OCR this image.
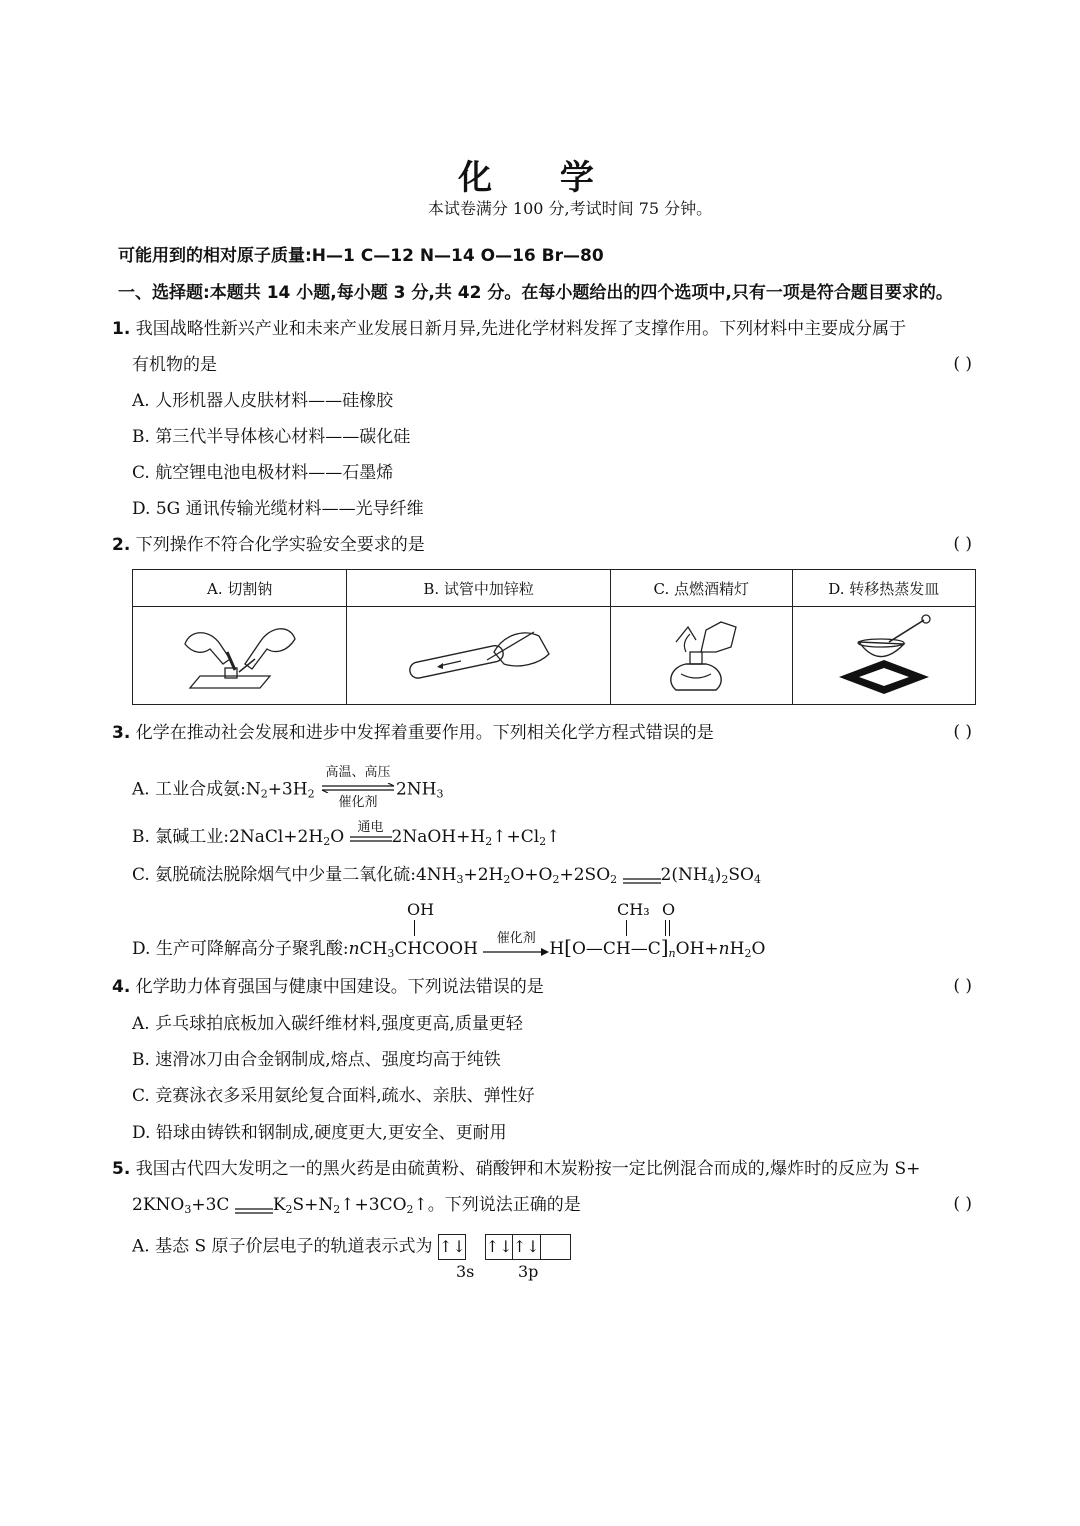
化 学
本试卷满分 100 分,考试时间 75 分钟。
可能用到的相对原子质量:H—1 C—12 N—14 O—16 Br—80
一、选择题:本题共 14 小题,每小题 3 分,共 42 分。在每小题给出的四个选项中,只有一项是符合题目要求的。
1. 我国战略性新兴产业和未来产业发展日新月异,先进化学材料发挥了支撑作用。下列材料中主要成分属于
有机物的是	( )
A. 人形机器人皮肤材料——硅橡胶
B. 第三代半导体核心材料——碳化硅
C. 航空锂电池电极材料——石墨烯
D. 5G 通讯传输光缆材料——光导纤维
2. 下列操作不符合化学实验安全要求的是	( )
A. 切割钠	B. 试管中加锌粒	C. 点燃酒精灯	D. 转移热蒸发皿

3. 化学在推动社会发展和进步中发挥着重要作用。下列相关化学方程式错误的是	( )
A. 工业合成氨$:N_2+3H_2$
高温、高压
催化剂
$2NH_3$
B. 氯碱工业$:2NaCl+2H_2O$ 通电 $2NaOH+H_2↑+Cl_2↑$
C. 氨脱硫法脱除烟气中少量二氧化硫$:4NH_3+2H_2O+O_2+2SO_2$	$2(NH_4)_2SO_4$
OH	CH₃ O
D. 生产可降解高分子聚乳酸:nCH$_3$CHCOOH
催化剂
$H[O—CH—C]_nOH+nH_2O$
4. 化学助力体育强国与健康中国建设。下列说法错误的是	( )
A. 乒乓球拍底板加入碳纤维材料,强度更高,质量更轻
B. 速滑冰刀由合金钢制成,熔点、强度均高于纯铁
C. 竞赛泳衣多采用氨纶复合面料,疏水、亲肤、弹性好
D. 铅球由铸铁和钢制成,硬度更大,更安全、更耐用
5. 我国古代四大发明之一的黑火药是由硫黄粉、硝酸钾和木炭粉按一定比例混合而成的,爆炸时的反应为 S+
$2KNO_3+3C$ $K_2S+N_2↑+3CO_2↑$。下列说法正确的是	( )
A. 基态 S 原子价层电子的轨道表示式为 ↑↓ ↑↓↑↓
3s	3p
